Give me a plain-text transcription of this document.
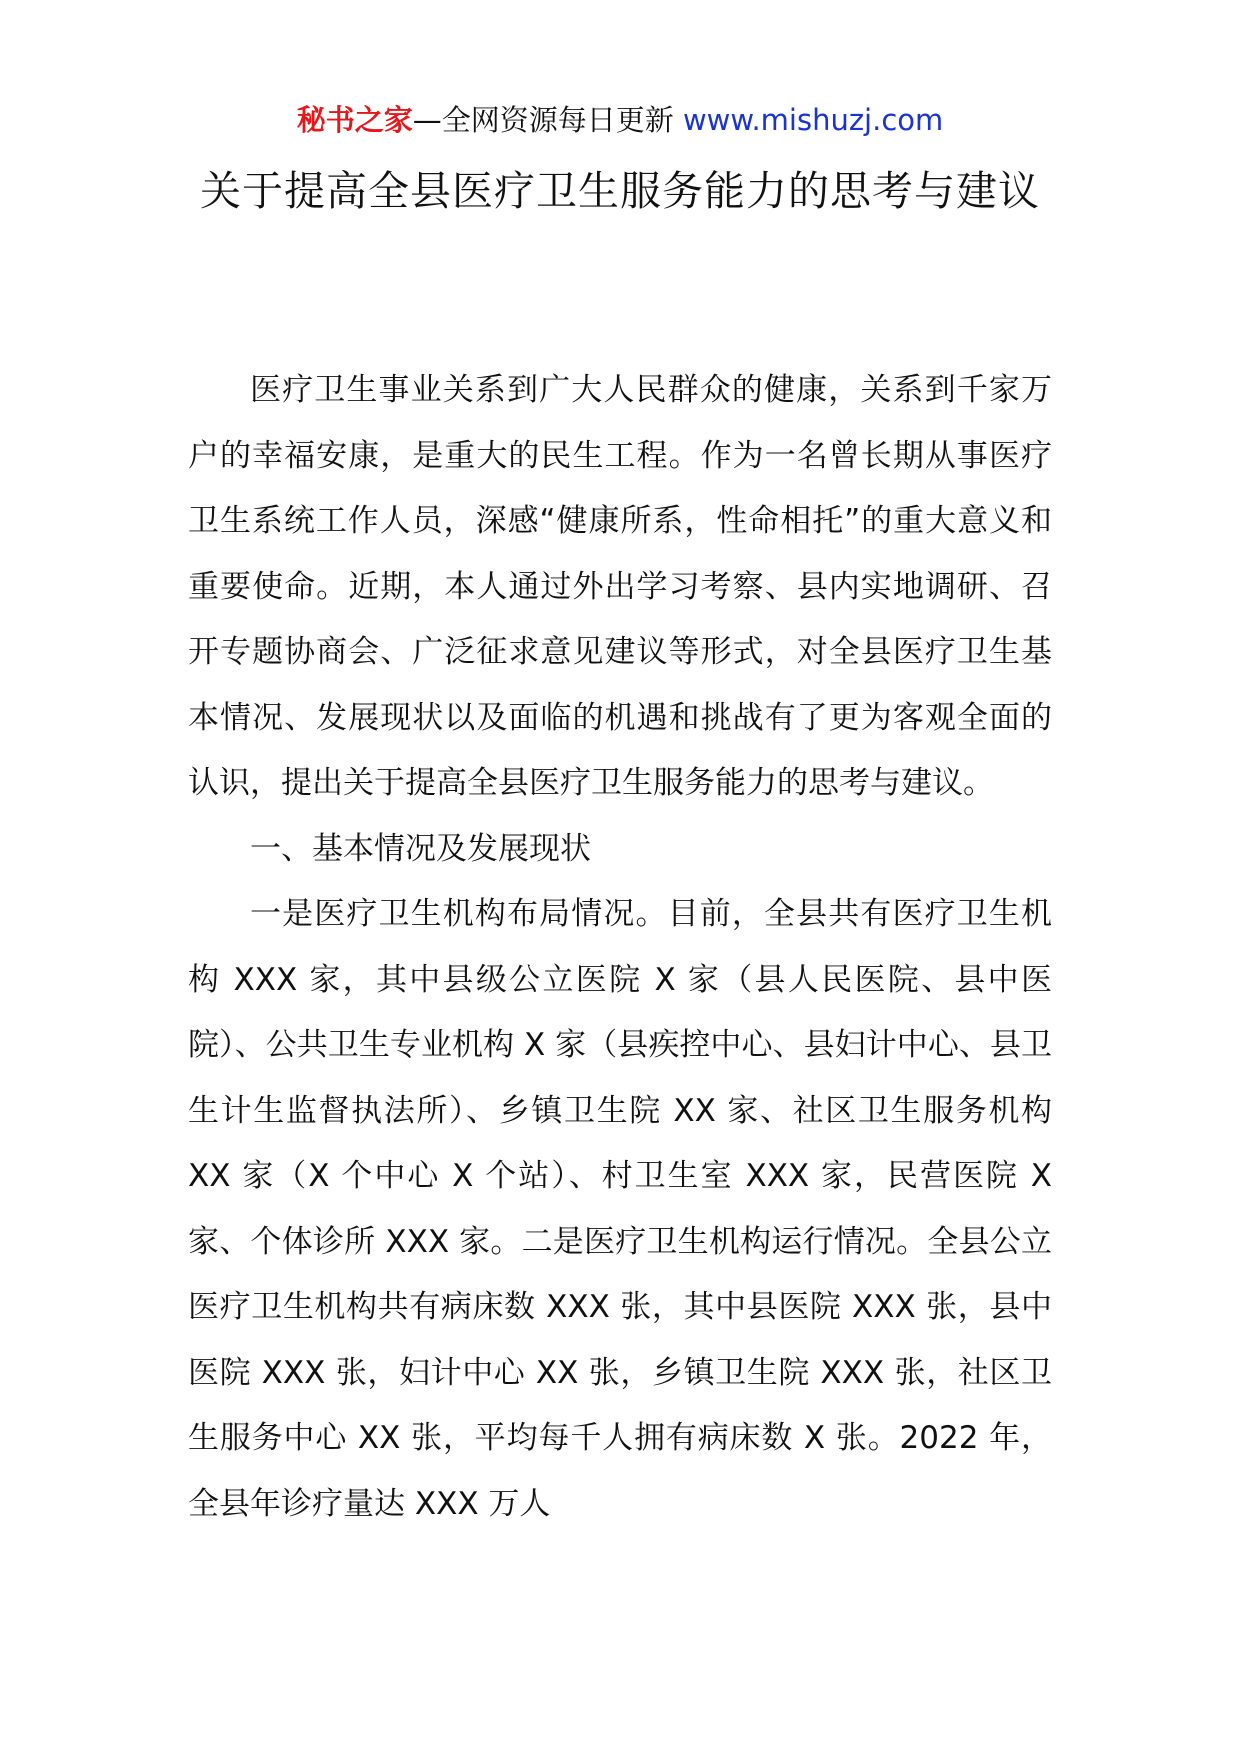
秘书之家—全网资源每日更新 www.mishuzj.com
关于提高全县医疗卫生服务能力的思考与建议

医疗卫生事业关系到广大人民群众的健康，关系到千家万户的幸福安康，是重大的民生工程。作为一名曾长期从事医疗卫生系统工作人员，深感“健康所系，性命相托”的重大意义和重要使命。近期，本人通过外出学习考察、县内实地调研、召开专题协商会、广泛征求意见建议等形式，对全县医疗卫生基本情况、发展现状以及面临的机遇和挑战有了更为客观全面的认识，提出关于提高全县医疗卫生服务能力的思考与建议。

一、基本情况及发展现状

一是医疗卫生机构布局情况。目前，全县共有医疗卫生机构 XXX 家，其中县级公立医院 X 家（县人民医院、县中医院）、公共卫生专业机构 X 家（县疾控中心、县妇计中心、县卫生计生监督执法所）、乡镇卫生院 XX 家、社区卫生服务机构 XX 家（X 个中心 X 个站）、村卫生室 XXX 家，民营医院 X 家、个体诊所 XXX 家。二是医疗卫生机构运行情况。全县公立医疗卫生机构共有病床数 XXX 张，其中县医院 XXX 张，县中医院 XXX 张，妇计中心 XX 张，乡镇卫生院 XXX 张，社区卫生服务中心 XX 张，平均每千人拥有病床数 X 张。2022 年，全县年诊疗量达 XXX 万人
